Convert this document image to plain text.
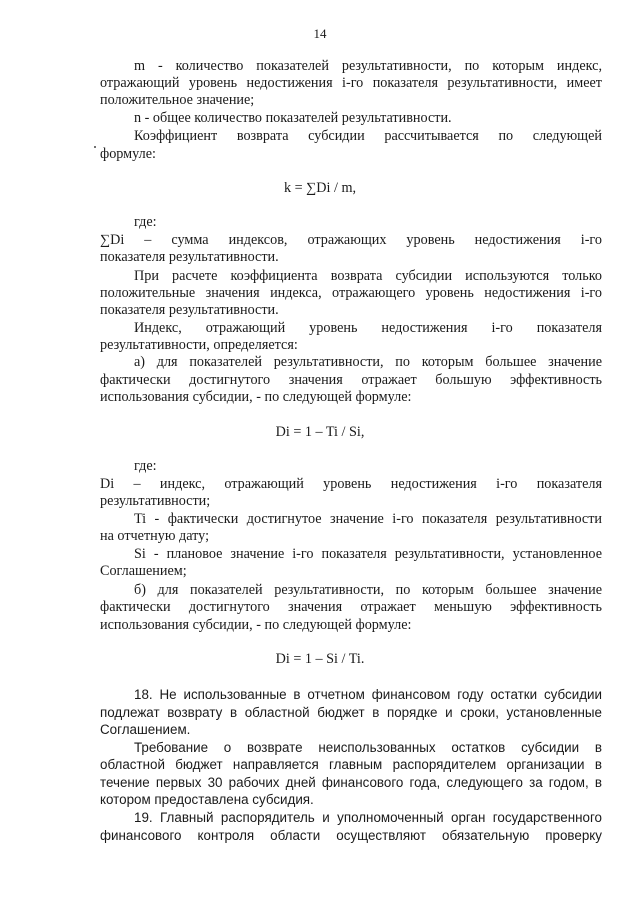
14
m - количество показателей результативности, по которым индекс,
отражающий уровень недостижения i-го показателя результативности, имеет
положительное значение;
n - общее количество показателей результативности.
Коэффициент возврата субсидии рассчитывается по следующей
формуле:
k = ∑Di / m,
где:
∑Di – сумма индексов, отражающих уровень недостижения i-го
показателя результативности.
При расчете коэффициента возврата субсидии используются только
положительные значения индекса, отражающего уровень недостижения i-го
показателя результативности.
Индекс, отражающий уровень недостижения i-го показателя
результативности, определяется:
а) для показателей результативности, по которым большее значение
фактически достигнутого значения отражает большую эффективность
использования субсидии, - по следующей формуле:
Di = 1 – Ti / Si,
где:
Di – индекс, отражающий уровень недостижения i-го показателя
результативности;
Ti - фактически достигнутое значение i-го показателя результативности
на отчетную дату;
Si - плановое значение i-го показателя результативности, установленное
Соглашением;
б) для показателей результативности, по которым большее значение
фактически достигнутого значения отражает меньшую эффективность
использования субсидии, - по следующей формуле:
Di = 1 – Si / Ti.
18. Не использованные в отчетном финансовом году остатки субсидии
подлежат возврату в областной бюджет в порядке и сроки, установленные
Соглашением.
Требование о возврате неиспользованных остатков субсидии в
областной бюджет направляется главным распорядителем организации в
течение первых 30 рабочих дней финансового года, следующего за годом, в
котором предоставлена субсидия.
19. Главный распорядитель и уполномоченный орган государственного
финансового контроля области осуществляют обязательную проверку
